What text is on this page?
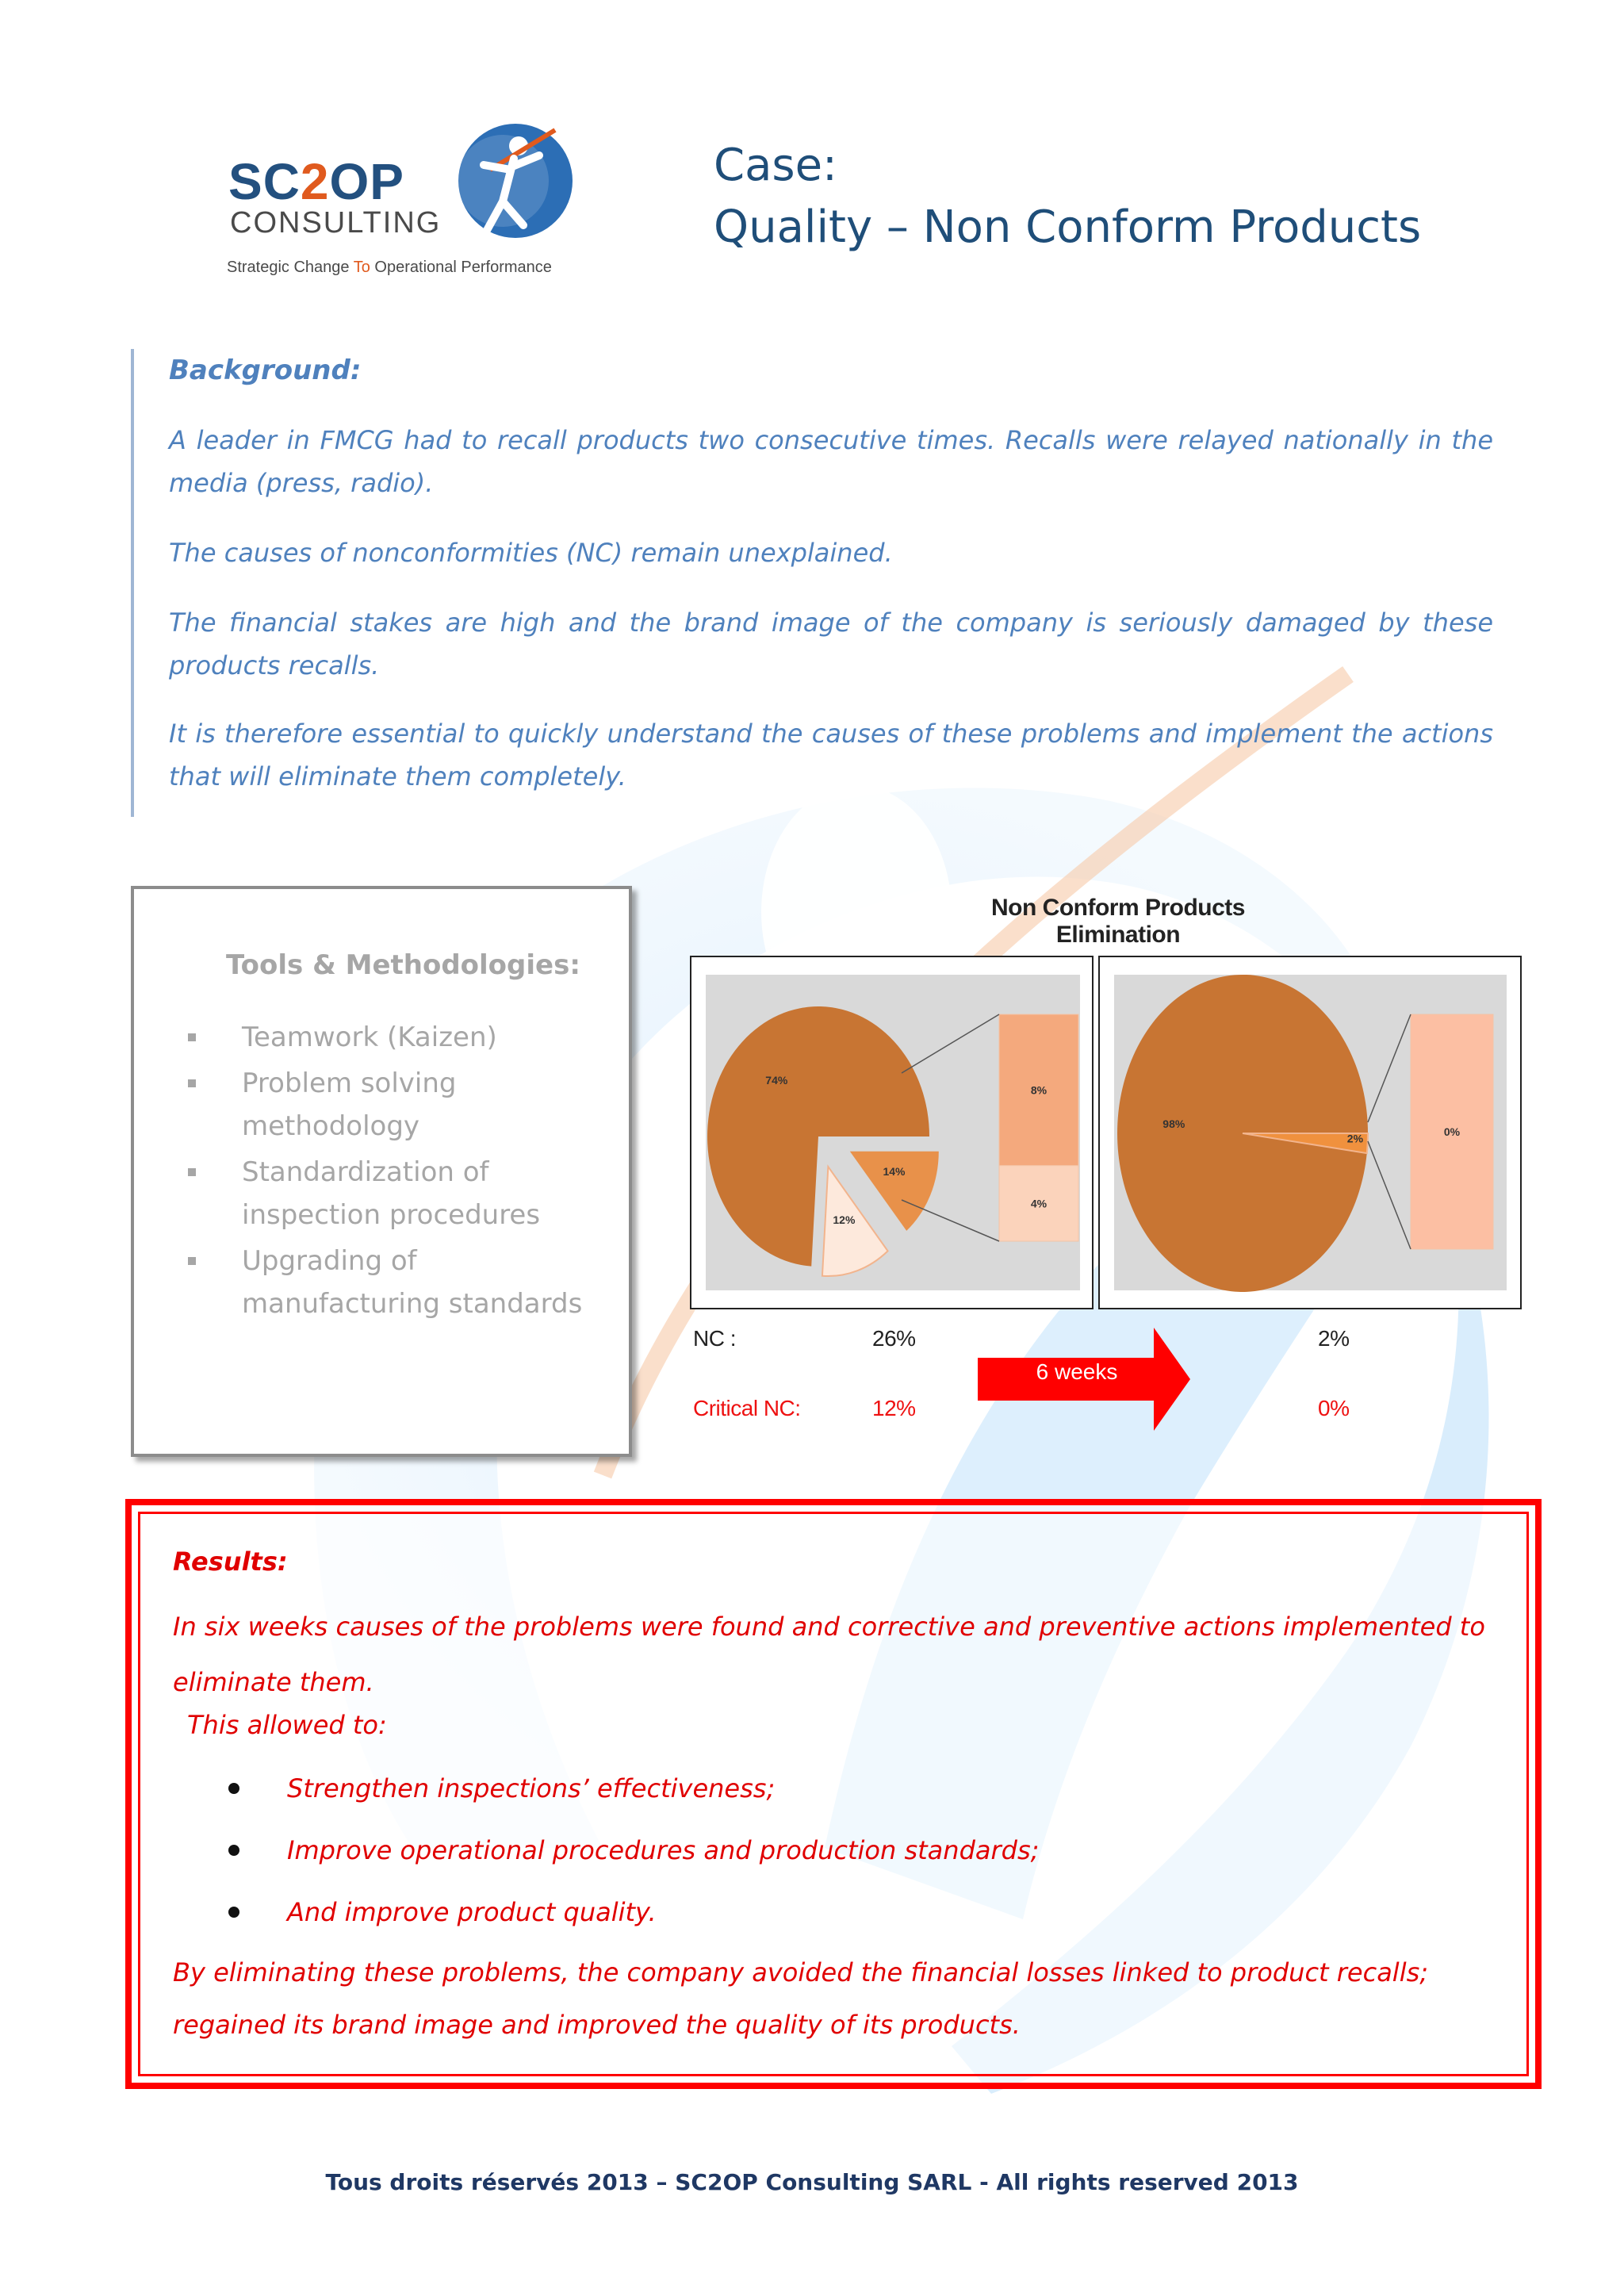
SC2OP
CONSULTING
Strategic Change To Operational Performance
Case:
Quality – Non Conform Products

Background:

A leader in FMCG had to recall products two consecutive times. Recalls were relayed nationally in the media (press, radio).

The causes of nonconformities (NC) remain unexplained.

The financial stakes are high and the brand image of the company is seriously damaged by these products recalls.

It is therefore essential to quickly understand the causes of these problems and implement the actions that will eliminate them completely.

Tools & Methodologies:
Teamwork (Kaizen)
Problem solving methodology
Standardization of inspection procedures
Upgrading of manufacturing standards
Non Conform Products Elimination
74%
14%
12%
8%
4%
98%
2%
0%
NC :	26%	2%
Critical NC:	12%	0%
6 weeks

Results:

In six weeks causes of the problems were found and corrective and preventive actions implemented to eliminate them.

This allowed to:

Strengthen inspections’ effectiveness;
Improve operational procedures and production standards;
And improve product quality.

By eliminating these problems, the company avoided the financial losses linked to product recalls; regained its brand image and improved the quality of its products.

Tous droits réservés 2013 – SC2OP Consulting SARL - All rights reserved 2013
